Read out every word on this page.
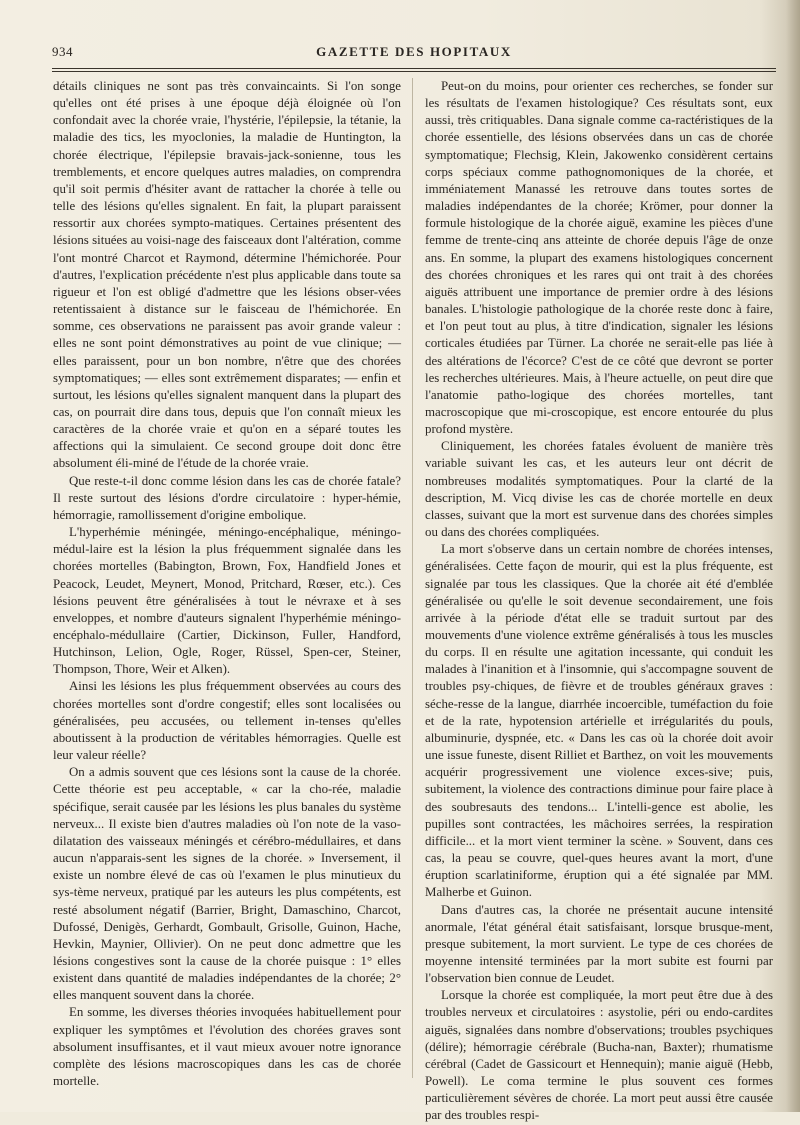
934	GAZETTE DES HOPITAUX

détails cliniques ne sont pas très convaincaints. Si l'on songe qu'elles ont été prises à une époque déjà éloignée où l'on confondait avec la chorée vraie, l'hystérie, l'épilepsie, la tétanie, la maladie des tics, les myoclonies, la maladie de Huntington, la chorée électrique, l'épilepsie bravais-jack-sonienne, tous les tremblements, et encore quelques autres maladies, on comprendra qu'il soit permis d'hésiter avant de rattacher la chorée à telle ou telle des lésions qu'elles signalent. En fait, la plupart paraissent ressortir aux chorées sympto-matiques. Certaines présentent des lésions situées au voisi-nage des faisceaux dont l'altération, comme l'ont montré Charcot et Raymond, détermine l'hémichorée. Pour d'autres, l'explication précédente n'est plus applicable dans toute sa rigueur et l'on est obligé d'admettre que les lésions obser-vées retentissaient à distance sur le faisceau de l'hémichorée. En somme, ces observations ne paraissent pas avoir grande valeur : elles ne sont point démonstratives au point de vue clinique; — elles paraissent, pour un bon nombre, n'être que des chorées symptomatiques; — elles sont extrêmement disparates; — enfin et surtout, les lésions qu'elles signalent manquent dans la plupart des cas, on pourrait dire dans tous, depuis que l'on connaît mieux les caractères de la chorée vraie et qu'on en a séparé toutes les affections qui la simulaient. Ce second groupe doit donc être absolument éli-miné de l'étude de la chorée vraie.

Que reste-t-il donc comme lésion dans les cas de chorée fatale? Il reste surtout des lésions d'ordre circulatoire : hyper-hémie, hémorragie, ramollissement d'origine embolique.

L'hyperhémie méningée, méningo-encéphalique, méningo-médul-laire est la lésion la plus fréquemment signalée dans les chorées mortelles (Babington, Brown, Fox, Handfield Jones et Peacock, Leudet, Meynert, Monod, Pritchard, Rœser, etc.). Ces lésions peuvent être généralisées à tout le névraxe et à ses enveloppes, et nombre d'auteurs signalent l'hyperhémie méningo-encéphalo-médullaire (Cartier, Dickinson, Fuller, Handford, Hutchinson, Lelion, Ogle, Roger, Rüssel, Spen-cer, Steiner, Thompson, Thore, Weir et Alken).

Ainsi les lésions les plus fréquemment observées au cours des chorées mortelles sont d'ordre congestif; elles sont localisées ou généralisées, peu accusées, ou tellement in-tenses qu'elles aboutissent à la production de véritables hémorragies. Quelle est leur valeur réelle?

On a admis souvent que ces lésions sont la cause de la chorée. Cette théorie est peu acceptable, « car la cho-rée, maladie spécifique, serait causée par les lésions les plus banales du système nerveux... Il existe bien d'autres maladies où l'on note de la vaso-dilatation des vaisseaux méningés et cérébro-médullaires, et dans aucun n'apparais-sent les signes de la chorée. » Inversement, il existe un nombre élevé de cas où l'examen le plus minutieux du sys-tème nerveux, pratiqué par les auteurs les plus compétents, est resté absolument négatif (Barrier, Bright, Damaschino, Charcot, Dufossé, Denigès, Gerhardt, Gombault, Grisolle, Guinon, Hache, Hevkin, Maynier, Ollivier). On ne peut donc admettre que les lésions congestives sont la cause de la chorée puisque : 1° elles existent dans quantité de maladies indépendantes de la chorée; 2° elles manquent souvent dans la chorée.

En somme, les diverses théories invoquées habituellement pour expliquer les symptômes et l'évolution des chorées graves sont absolument insuffisantes, et il vaut mieux avouer notre ignorance complète des lésions macroscopiques dans les cas de chorée mortelle.

Peut-on du moins, pour orienter ces recherches, se fonder sur les résultats de l'examen histologique? Ces résultats sont, eux aussi, très critiquables. Dana signale comme ca-ractéristiques de la chorée essentielle, des lésions observées dans un cas de chorée symptomatique; Flechsig, Klein, Jakowenko considèrent certains corps spéciaux comme pathognomoniques de la chorée, et imméniatement Manassé les retrouve dans toutes sortes de maladies indépendantes de la chorée; Krömer, pour donner la formule histologique de la chorée aiguë, examine les pièces d'une femme de trente-cinq ans atteinte de chorée depuis l'âge de onze ans. En somme, la plupart des examens histologiques concernent des chorées chroniques et les rares qui ont trait à des chorées aiguës attribuent une importance de premier ordre à des lésions banales. L'histologie pathologique de la chorée reste donc à faire, et l'on peut tout au plus, à titre d'indication, signaler les lésions corticales étudiées par Türner. La chorée ne serait-elle pas liée à des altérations de l'écorce? C'est de ce côté que devront se porter les recherches ultérieures. Mais, à l'heure actuelle, on peut dire que l'anatomie patho-logique des chorées mortelles, tant macroscopique que mi-croscopique, est encore entourée du plus profond mystère.

Cliniquement, les chorées fatales évoluent de manière très variable suivant les cas, et les auteurs leur ont décrit de nombreuses modalités symptomatiques. Pour la clarté de la description, M. Vicq divise les cas de chorée mortelle en deux classes, suivant que la mort est survenue dans des chorées simples ou dans des chorées compliquées.

La mort s'observe dans un certain nombre de chorées intenses, généralisées. Cette façon de mourir, qui est la plus fréquente, est signalée par tous les classiques. Que la chorée ait été d'emblée généralisée ou qu'elle le soit devenue secondairement, une fois arrivée à la période d'état elle se traduit surtout par des mouvements d'une violence extrême généralisés à tous les muscles du corps. Il en résulte une agitation incessante, qui conduit les malades à l'inanition et à l'insomnie, qui s'accompagne souvent de troubles psy-chiques, de fièvre et de troubles généraux graves : séche-resse de la langue, diarrhée incoercible, tuméfaction du foie et de la rate, hypotension artérielle et irrégularités du pouls, albuminurie, dyspnée, etc. « Dans les cas où la chorée doit avoir une issue funeste, disent Rilliet et Barthez, on voit les mouvements acquérir progressivement une violence exces-sive; puis, subitement, la violence des contractions diminue pour faire place à des soubresauts des tendons... L'intelli-gence est abolie, les pupilles sont contractées, les mâchoires serrées, la respiration difficile... et la mort vient terminer la scène. » Souvent, dans ces cas, la peau se couvre, quel-ques heures avant la mort, d'une éruption scarlatiniforme, éruption qui a été signalée par MM. Malherbe et Guinon.

Dans d'autres cas, la chorée ne présentait aucune intensité anormale, l'état général était satisfaisant, lorsque brusque-ment, presque subitement, la mort survient. Le type de ces chorées de moyenne intensité terminées par la mort subite est fourni par l'observation bien connue de Leudet.

Lorsque la chorée est compliquée, la mort peut être due à des troubles nerveux et circulatoires : asystolie, péri ou endo-cardites aiguës, signalées dans nombre d'observations; troubles psychiques (délire); hémorragie cérébrale (Bucha-nan, Baxter); rhumatisme cérébral (Cadet de Gassicourt et Hennequin); manie aiguë (Hebb, Powell). Le coma termine le plus souvent ces formes particulièrement sévères de chorée. La mort peut aussi être causée par des troubles respi-
